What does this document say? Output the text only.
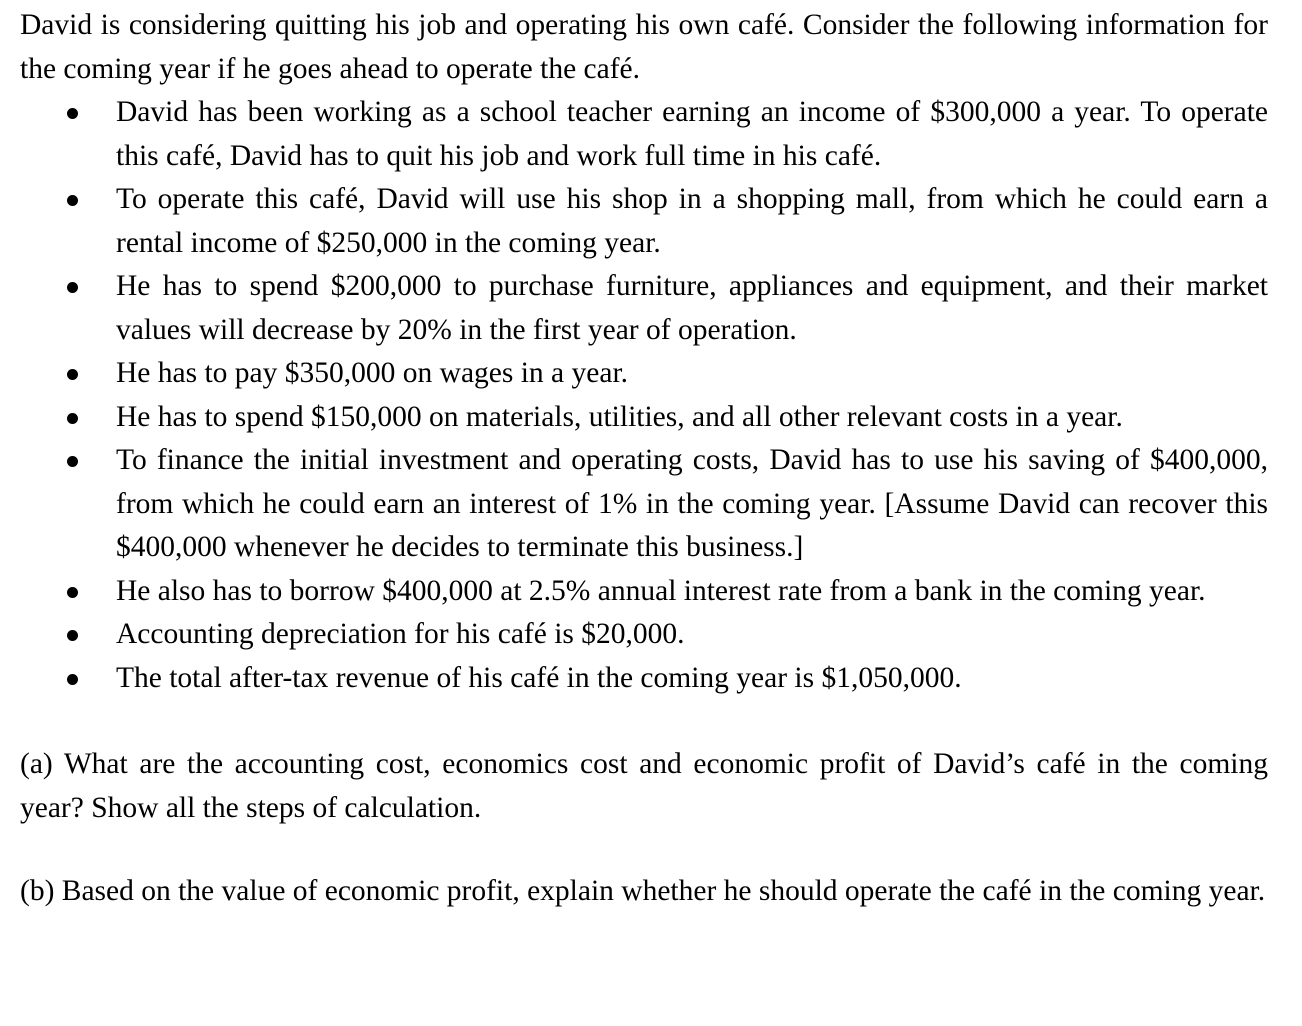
David is considering quitting his job and operating his own café. Consider the following information for the coming year if he goes ahead to operate the café.

David has been working as a school teacher earning an income of $300,000 a year. To operate this café, David has to quit his job and work full time in his café.
To operate this café, David will use his shop in a shopping mall, from which he could earn a rental income of $250,000 in the coming year.
He has to spend $200,000 to purchase furniture, appliances and equipment, and their market values will decrease by 20% in the first year of operation.
He has to pay $350,000 on wages in a year.
He has to spend $150,000 on materials, utilities, and all other relevant costs in a year.
To finance the initial investment and operating costs, David has to use his saving of $400,000, from which he could earn an interest of 1% in the coming year. [Assume David can recover this $400,000 whenever he decides to terminate this business.]
He also has to borrow $400,000 at 2.5% annual interest rate from a bank in the coming year.
Accounting depreciation for his café is $20,000.
The total after-tax revenue of his café in the coming year is $1,050,000.

(a) What are the accounting cost, economics cost and economic profit of David’s café in the coming year? Show all the steps of calculation.

(b) Based on the value of economic profit, explain whether he should operate the café in the coming year.
